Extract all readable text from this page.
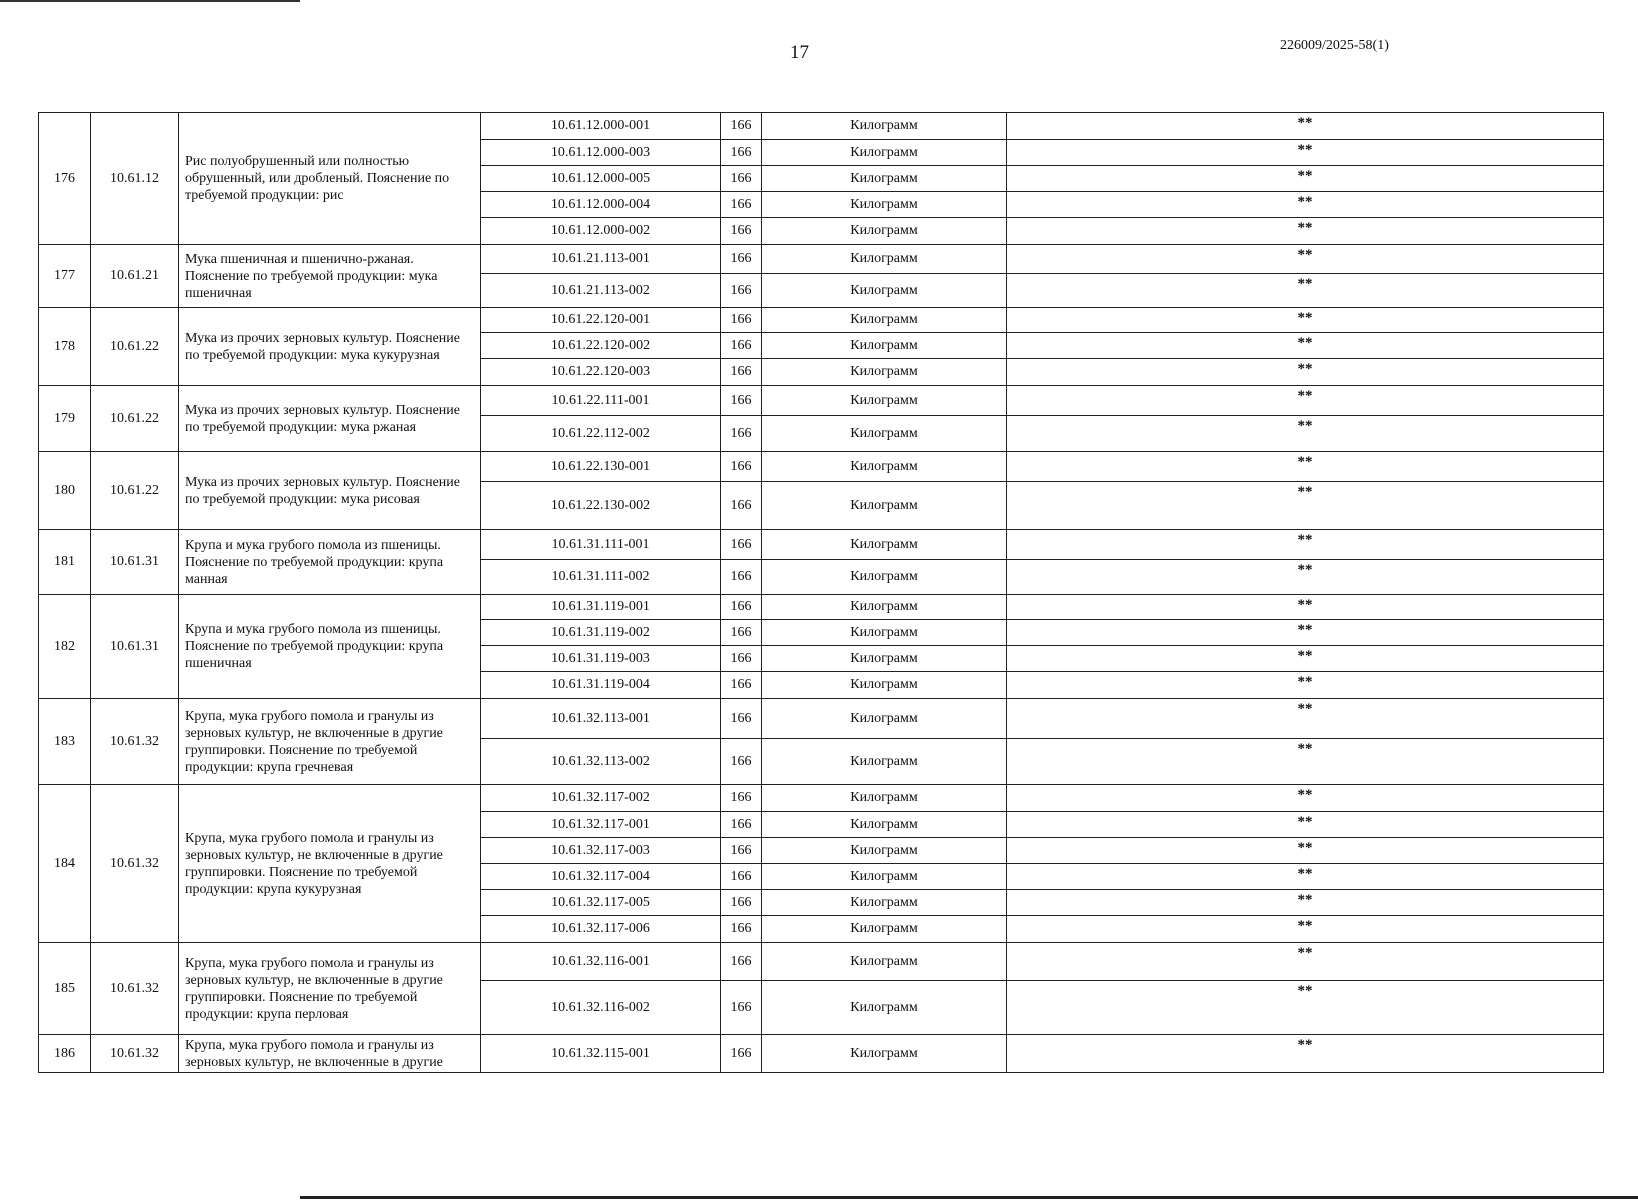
17	226009/2025-58(1)
176	10.61.12	Рис полуобрушенный или полностью обрушенный, или дробленый. Пояснение по требуемой продукции: рис	10.61.12.000-001	166	Килограмм	**
			10.61.12.000-003	166	Килограмм	**
			10.61.12.000-005	166	Килограмм	**
			10.61.12.000-004	166	Килограмм	**
			10.61.12.000-002	166	Килограмм	**
177	10.61.21	Мука пшеничная и пшенично-ржаная. Пояснение по требуемой продукции: мука пшеничная	10.61.21.113-001	166	Килограмм	**
			10.61.21.113-002	166	Килограмм	**
178	10.61.22	Мука из прочих зерновых культур. Пояснение по требуемой продукции: мука кукурузная	10.61.22.120-001	166	Килограмм	**
			10.61.22.120-002	166	Килограмм	**
			10.61.22.120-003	166	Килограмм	**
179	10.61.22	Мука из прочих зерновых культур. Пояснение по требуемой продукции: мука ржаная	10.61.22.111-001	166	Килограмм	**
			10.61.22.112-002	166	Килограмм	**
180	10.61.22	Мука из прочих зерновых культур. Пояснение по требуемой продукции: мука рисовая	10.61.22.130-001	166	Килограмм	**
			10.61.22.130-002	166	Килограмм	**
181	10.61.31	Крупа и мука грубого помола из пшеницы. Пояснение по требуемой продукции: крупа манная	10.61.31.111-001	166	Килограмм	**
			10.61.31.111-002	166	Килограмм	**
182	10.61.31	Крупа и мука грубого помола из пшеницы. Пояснение по требуемой продукции: крупа пшеничная	10.61.31.119-001	166	Килограмм	**
			10.61.31.119-002	166	Килограмм	**
			10.61.31.119-003	166	Килограмм	**
			10.61.31.119-004	166	Килограмм	**
183	10.61.32	Крупа, мука грубого помола и гранулы из зерновых культур, не включенные в другие группировки. Пояснение по требуемой продукции: крупа гречневая	10.61.32.113-001	166	Килограмм	**
			10.61.32.113-002	166	Килограмм	**
184	10.61.32	Крупа, мука грубого помола и гранулы из зерновых культур, не включенные в другие группировки. Пояснение по требуемой продукции: крупа кукурузная	10.61.32.117-002	166	Килограмм	**
			10.61.32.117-001	166	Килограмм	**
			10.61.32.117-003	166	Килограмм	**
			10.61.32.117-004	166	Килограмм	**
			10.61.32.117-005	166	Килограмм	**
			10.61.32.117-006	166	Килограмм	**
185	10.61.32	Крупа, мука грубого помола и гранулы из зерновых культур, не включенные в другие группировки. Пояснение по требуемой продукции: крупа перловая	10.61.32.116-001	166	Килограмм	**
			10.61.32.116-002	166	Килограмм	**
186	10.61.32	Крупа, мука грубого помола и гранулы из зерновых культур, не включенные в другие	10.61.32.115-001	166	Килограмм	**
